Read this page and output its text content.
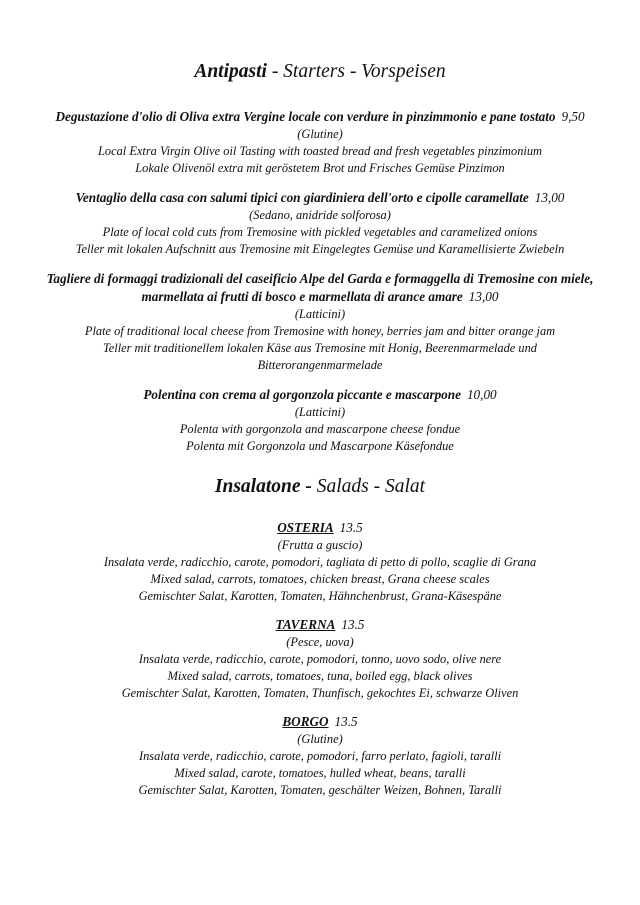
Antipasti - Starters - Vorspeisen
Degustazione d'olio di Oliva extra Vergine locale con verdure in pinzimmonio e pane tostato 9,50
(Glutine)
Local Extra Virgin Olive oil Tasting with toasted bread and fresh vegetables pinzimonium
Lokale Olivenöl extra mit geröstetem Brot und Frisches Gemüse Pinzimon
Ventaglio della casa con salumi tipici con giardiniera dell'orto e cipolle caramellate 13,00
(Sedano, anidride solforosa)
Plate of local cold cuts from Tremosine with pickled vegetables and caramelized onions
Teller mit lokalen Aufschnitt aus Tremosine mit Eingelegtes Gemüse und Karamellisierte Zwiebeln
Tagliere di formaggi tradizionali del caseificio Alpe del Garda e formaggella di Tremosine con miele, marmellata ai frutti di bosco e marmellata di arance amare 13,00
(Latticini)
Plate of traditional local cheese from Tremosine with honey, berries jam and bitter orange jam
Teller mit traditionellem lokalen Käse aus Tremosine mit Honig, Beerenmarmelade und Bitterorangenmarmelade
Polentina con crema al gorgonzola piccante e mascarpone 10,00
(Latticini)
Polenta with gorgonzola and mascarpone cheese fondue
Polenta mit Gorgonzola und Mascarpone Käsefondue
Insalatone - Salads - Salat
OSTERIA 13.5
(Frutta a guscio)
Insalata verde, radicchio, carote, pomodori, tagliata di petto di pollo, scaglie di Grana
Mixed salad, carrots, tomatoes, chicken breast, Grana cheese scales
Gemischter Salat, Karotten, Tomaten, Hähnchenbrust, Grana-Käsespäne
TAVERNA 13.5
(Pesce, uova)
Insalata verde, radicchio, carote, pomodori, tonno, uovo sodo, olive nere
Mixed salad, carrots, tomatoes, tuna, boiled egg, black olives
Gemischter Salat, Karotten, Tomaten, Thunfisch, gekochtes Ei, schwarze Oliven
BORGO 13.5
(Glutine)
Insalata verde, radicchio, carote, pomodori, farro perlato, fagioli, taralli
Mixed salad, carote, tomatoes, hulled wheat, beans, taralli
Gemischter Salat, Karotten, Tomaten, geschälter Weizen, Bohnen, Taralli
